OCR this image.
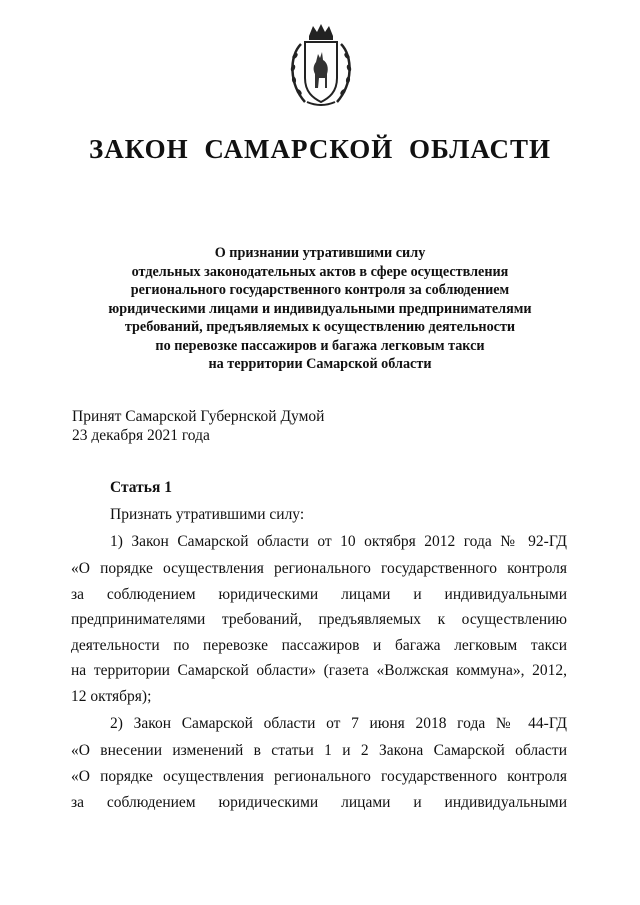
ЗАКОН САМАРСКОЙ ОБЛАСТИ
О признании утратившими силу
отдельных законодательных актов в сфере осуществления
регионального государственного контроля за соблюдением
юридическими лицами и индивидуальными предпринимателями
требований, предъявляемых к осуществлению деятельности
по перевозке пассажиров и багажа легковым такси
на территории Самарской области
Принят Самарской Губернской Думой
23 декабря 2021 года
Статья 1
Признать утратившими силу:
1) Закон Самарской области от 10 октября 2012 года № 92-ГД
«О порядке осуществления регионального государственного контроля
за соблюдением юридическими лицами и индивидуальными
предпринимателями требований, предъявляемых к осуществлению
деятельности по перевозке пассажиров и багажа легковым такси
на территории Самарской области» (газета «Волжская коммуна», 2012,
12 октября);
2) Закон Самарской области от 7 июня 2018 года № 44-ГД
«О внесении изменений в статьи 1 и 2 Закона Самарской области
«О порядке осуществления регионального государственного контроля
за соблюдением юридическими лицами и индивидуальными
